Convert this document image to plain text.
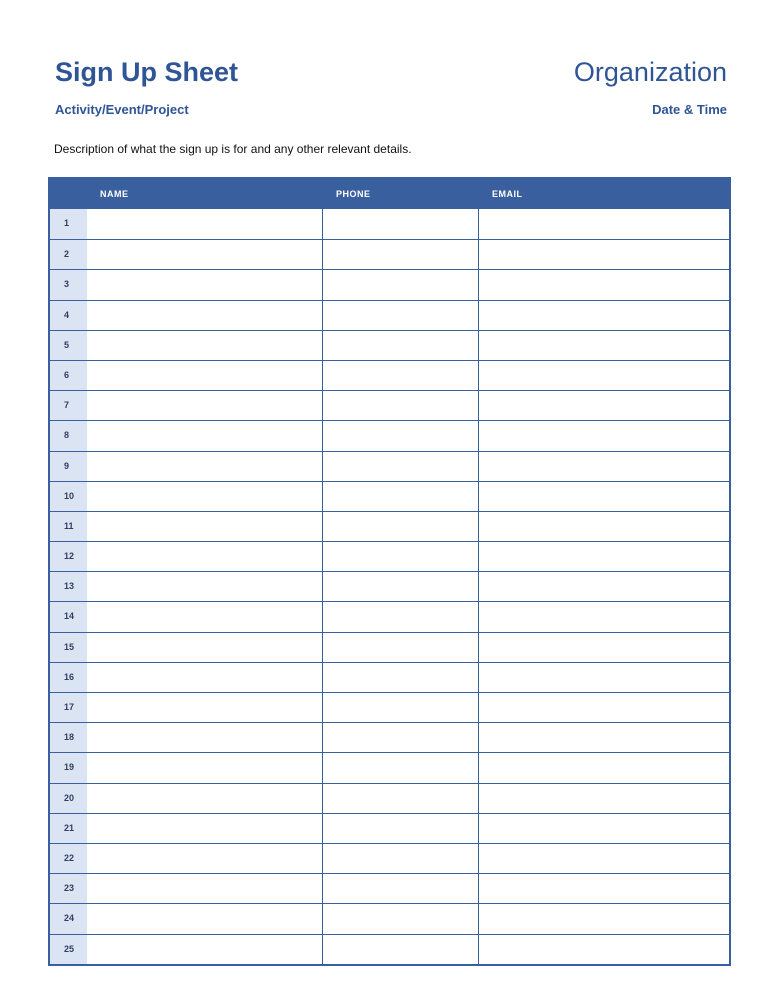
Sign Up Sheet	Organization
Activity/Event/Project	Date & Time
Description of what the sign up is for and any other relevant details.
NAME	PHONE	EMAIL
1
2
3
4
5
6
7
8
9
10
11
12
13
14
15
16
17
18
19
20
21
22
23
24
25
